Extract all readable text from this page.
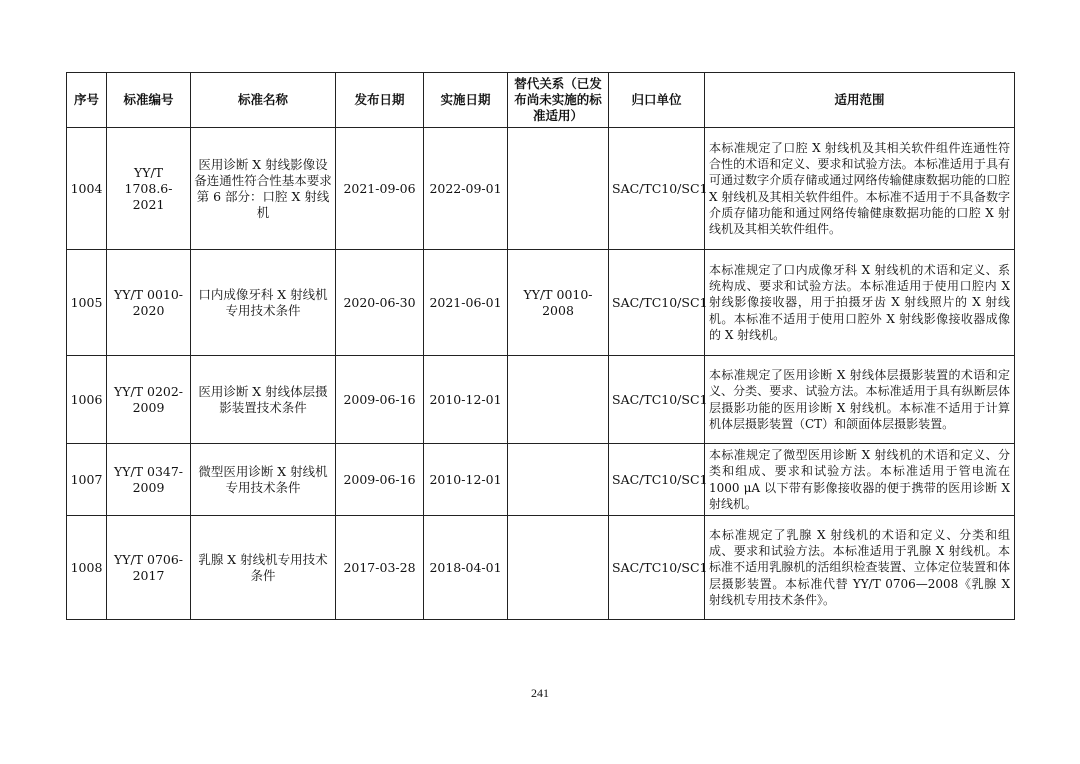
序号	标准编号	标准名称	发布日期	实施日期	替代关系（已发布尚未实施的标准适用）	归口单位	适用范围
1004	YY/T 1708.6-2021	医用诊断 X 射线影像设备连通性符合性基本要求 第 6 部分：口腔 X 射线机	2021-09-06	2022-09-01		SAC/TC10/SC1	本标准规定了口腔 X 射线机及其相关软件组件连通性符合性的术语和定义、要求和试验方法。本标准适用于具有可通过数字介质存储或通过网络传输健康数据功能的口腔 X 射线机及其相关软件组件。本标准不适用于不具备数字介质存储功能和通过网络传输健康数据功能的口腔 X 射线机及其相关软件组件。
1005	YY/T 0010-2020	口内成像牙科 X 射线机专用技术条件	2020-06-30	2021-06-01	YY/T 0010-2008	SAC/TC10/SC1	本标准规定了口内成像牙科 X 射线机的术语和定义、系统构成、要求和试验方法。本标准适用于使用口腔内 X 射线影像接收器，用于拍摄牙齿 X 射线照片的 X 射线机。本标准不适用于使用口腔外 X 射线影像接收器成像的 X 射线机。
1006	YY/T 0202-2009	医用诊断 X 射线体层摄影装置技术条件	2009-06-16	2010-12-01		SAC/TC10/SC1	本标准规定了医用诊断 X 射线体层摄影装置的术语和定义、分类、要求、试验方法。本标准适用于具有纵断层体层摄影功能的医用诊断 X 射线机。本标准不适用于计算机体层摄影装置（CT）和颌面体层摄影装置。
1007	YY/T 0347-2009	微型医用诊断 X 射线机专用技术条件	2009-06-16	2010-12-01		SAC/TC10/SC1	本标准规定了微型医用诊断 X 射线机的术语和定义、分类和组成、要求和试验方法。本标准适用于管电流在 1000 μA 以下带有影像接收器的便于携带的医用诊断 X 射线机。
1008	YY/T 0706-2017	乳腺 X 射线机专用技术条件	2017-03-28	2018-04-01		SAC/TC10/SC1	本标准规定了乳腺 X 射线机的术语和定义、分类和组成、要求和试验方法。本标准适用于乳腺 X 射线机。本标准不适用乳腺机的活组织检查装置、立体定位装置和体层摄影装置。本标准代替 YY/T 0706—2008《乳腺 X 射线机专用技术条件》。
241
